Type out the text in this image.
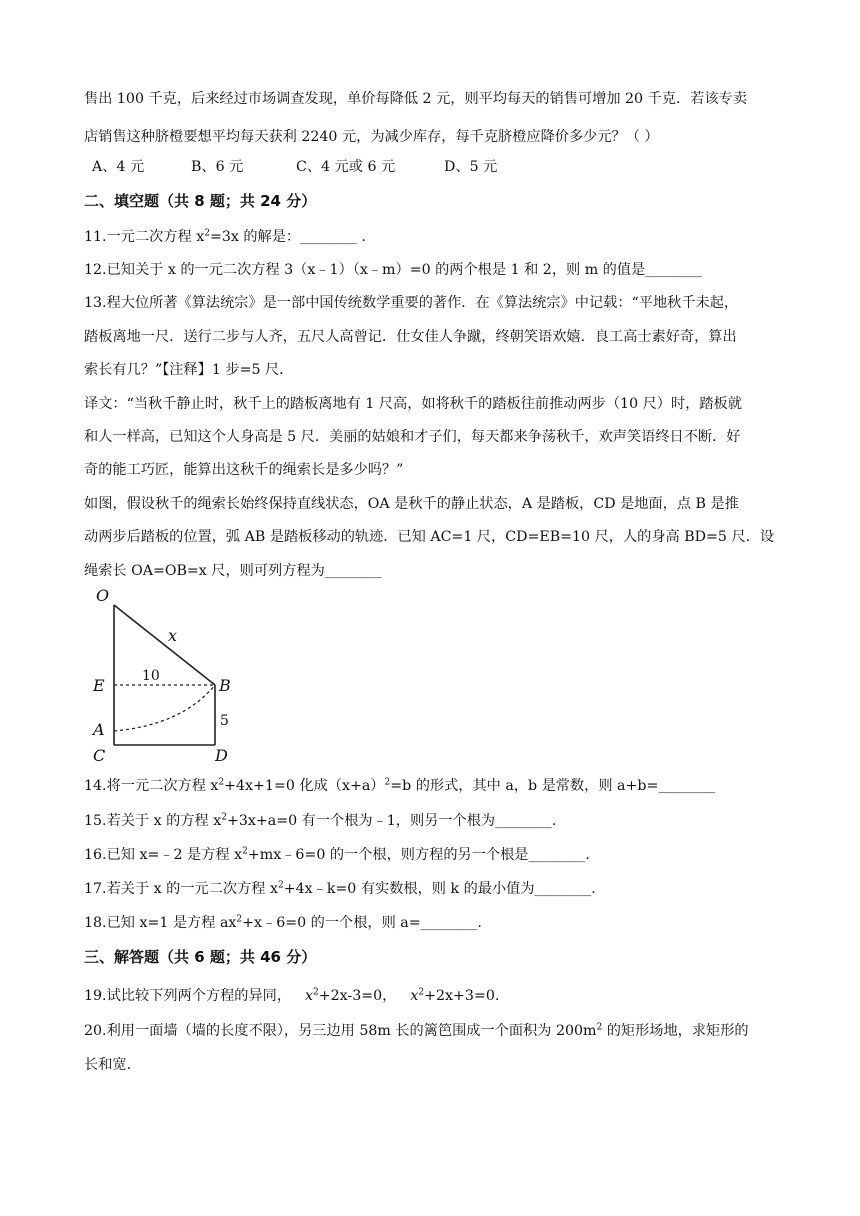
售出 100 千克，后来经过市场调查发现，单价每降低 2 元，则平均每天的销售可增加 20 千克．若该专卖
店销售这种脐橙要想平均每天获利 2240 元，为减少库存，每千克脐橙应降价多少元？（ ）
A、4 元	B、6 元	C、4 元或 6 元	D、5 元
二、填空题（共 8 题；共 24 分）
11.一元二次方程 $x^2=3x$ 的解是：________ .
12.已知关于 x 的一元二次方程 3（x﹣1）（x﹣m）=0 的两个根是 1 和 2，则 m 的值是________
13.程大位所著《算法统宗》是一部中国传统数学重要的著作．在《算法统宗》中记载：“平地秋千未起，
踏板离地一尺．送行二步与人齐，五尺人高曾记．仕女佳人争蹴，终朝笑语欢嬉．良工高士素好奇，算出
索长有几？”【注释】1 步=5 尺．
译文：“当秋千静止时，秋千上的踏板离地有 1 尺高，如将秋千的踏板往前推动两步（10 尺）时，踏板就
和人一样高，已知这个人身高是 5 尺．美丽的姑娘和才子们，每天都来争荡秋千，欢声笑语终日不断．好
奇的能工巧匠，能算出这秋千的绳索长是多少吗？”
如图，假设秋千的绳索长始终保持直线状态，OA 是秋千的静止状态，A 是踏板，CD 是地面，点 B 是推
动两步后踏板的位置，弧 AB 是踏板移动的轨迹．已知 AC=1 尺，CD=EB=10 尺，人的身高 BD=5 尺．设
绳索长 OA=OB=x 尺，则可列方程为________
O
x
E	10	B
A	5
C	D
14.将一元二次方程 $x^2+4x+1=0$ 化成$(x+a)^2=b$ 的形式，其中 a，b 是常数，则 a+b=________
15.若关于 x 的方程 $x^2+3x+a=0$ 有一个根为﹣1，则另一个根为________.
16.已知 x=﹣2 是方程 $x^2+mx﹣6=0$ 的一个根，则方程的另一个根是________.
17.若关于 x 的一元二次方程 $x^2+4x﹣k=0$ 有实数根，则 k 的最小值为________.
18.已知 x=1 是方程 $ax^2+x﹣6=0$ 的一个根，则 a=________.
三、解答题（共 6 题；共 46 分）
19.试比较下列两个方程的异同， $x^2+2x-3=0$， $x^2+2x+3=0$.
20.利用一面墙（墙的长度不限），另三边用 58m 长的篱笆围成一个面积为 $200m^2$ 的矩形场地，求矩形的
长和宽.
